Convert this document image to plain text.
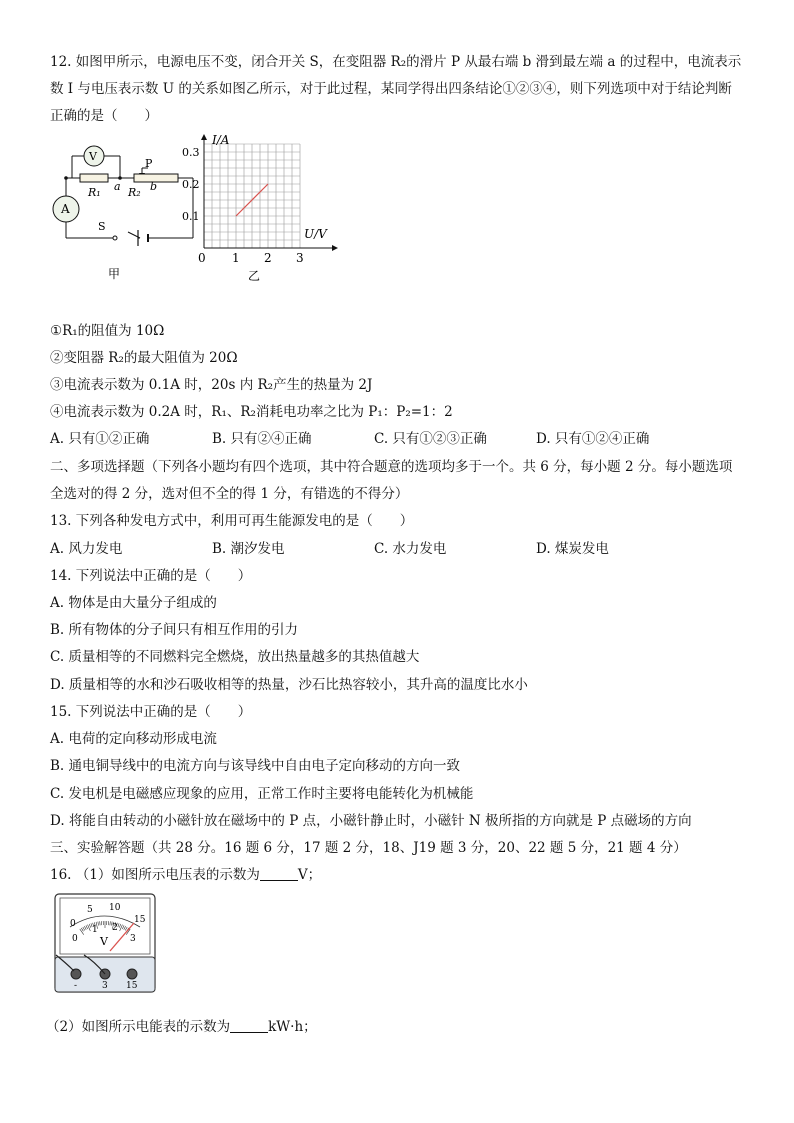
12. 如图甲所示，电源电压不变，闭合开关 S，在变阻器 R₂的滑片 P 从最右端 b 滑到最左端 a 的过程中，电流表示
数 I 与电压表示数 U 的关系如图乙所示，对于此过程，某同学得出四条结论①②③④，则下列选项中对于结论判断
正确的是（　　）
V
A
P
R₁ R₂
a	b
S
甲
0 1 2 3
0.1
0.2
0.3
I/A
U/V
乙
①R₁的阻值为 10Ω
②变阻器 R₂的最大阻值为 20Ω
③电流表示数为 0.1A 时，20s 内 R₂产生的热量为 2J
④电流表示数为 0.2A 时，R₁、R₂消耗电功率之比为 P₁：P₂=1：2
A. 只有①②正确	B. 只有②④正确	C. 只有①②③正确	D. 只有①②④正确
二、多项选择题（下列各小题均有四个选项，其中符合题意的选项均多于一个。共 6 分，每小题 2 分。每小题选项
全选对的得 2 分，选对但不全的得 1 分，有错选的不得分）
13. 下列各种发电方式中，利用可再生能源发电的是（　　）
A. 风力发电	B. 潮汐发电	C. 水力发电	D. 煤炭发电
14. 下列说法中正确的是（　　）
A. 物体是由大量分子组成的
B. 所有物体的分子间只有相互作用的引力
C. 质量相等的不同燃料完全燃烧，放出热量越多的其热值越大
D. 质量相等的水和沙石吸收相等的热量，沙石比热容较小，其升高的温度比水小
15. 下列说法中正确的是（　　）
A. 电荷的定向移动形成电流
B. 通电铜导线中的电流方向与该导线中自由电子定向移动的方向一致
C. 发电机是电磁感应现象的应用，正常工作时主要将电能转化为机械能
D. 将能自由转动的小磁针放在磁场中的 P 点，小磁针静止时，小磁针 N 极所指的方向就是 P 点磁场的方向
三、实验解答题（共 28 分。16 题 6 分，17 题 2 分，18、J19 题 3 分，20、22 题 5 分，21 题 4 分）
16. （1）如图所示电压表的示数为	V；
0
5 10
15
0
1 2
3
V
-	3 15
（2）如图所示电能表的示数为	kW·h；
